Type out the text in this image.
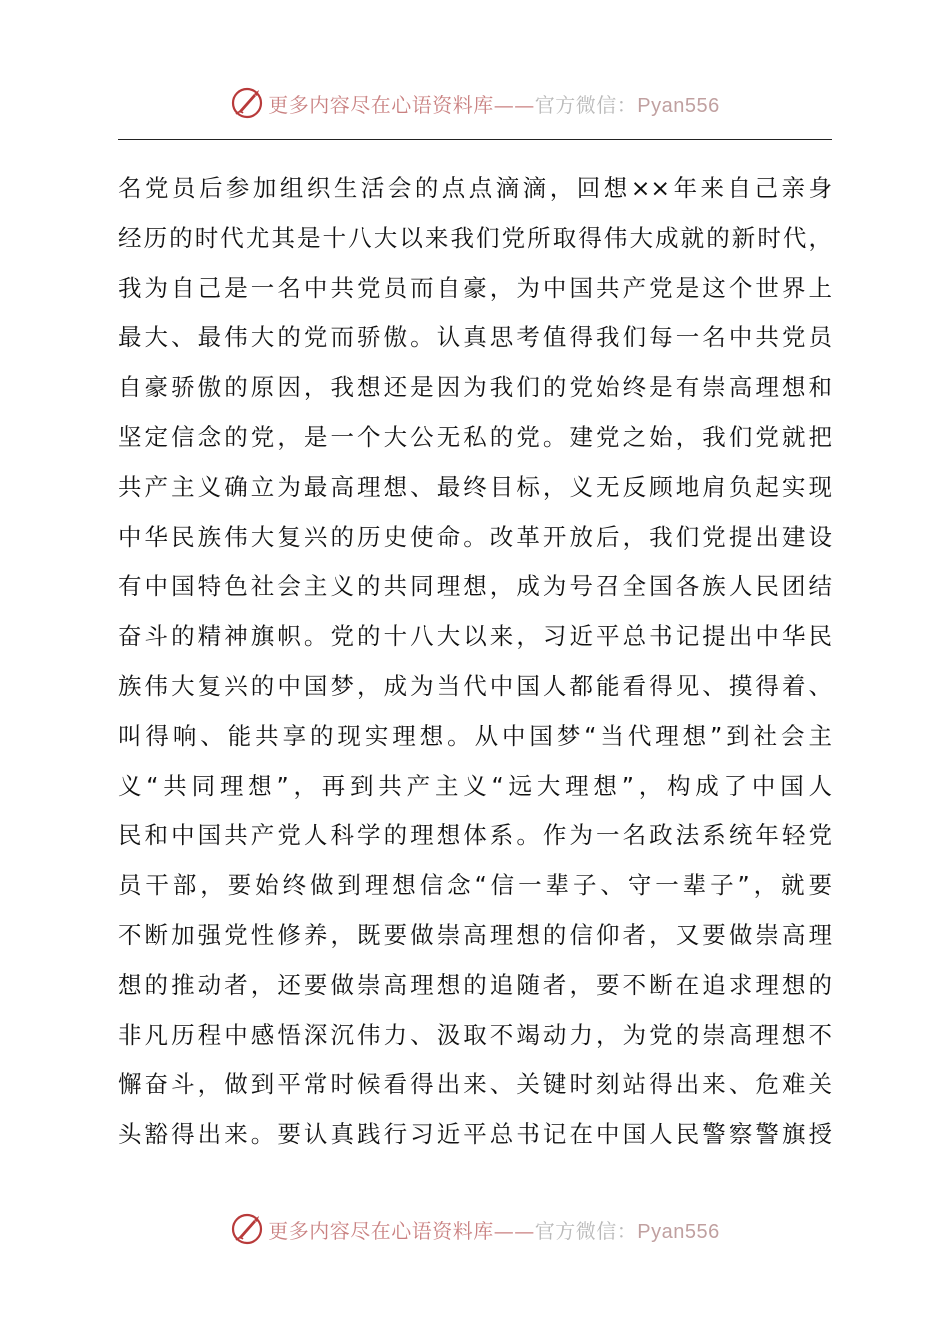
更多内容尽在心语资料库——官方微信：Pyan556
名党员后参加组织生活会的点点滴滴，回想××年来自己亲身
经历的时代尤其是十八大以来我们党所取得伟大成就的新时代，
我为自己是一名中共党员而自豪，为中国共产党是这个世界上
最大、最伟大的党而骄傲。认真思考值得我们每一名中共党员
自豪骄傲的原因，我想还是因为我们的党始终是有崇高理想和
坚定信念的党，是一个大公无私的党。建党之始，我们党就把
共产主义确立为最高理想、最终目标，义无反顾地肩负起实现
中华民族伟大复兴的历史使命。改革开放后，我们党提出建设
有中国特色社会主义的共同理想，成为号召全国各族人民团结
奋斗的精神旗帜。党的十八大以来，习近平总书记提出中华民
族伟大复兴的中国梦，成为当代中国人都能看得见、摸得着、
叫得响、能共享的现实理想。从中国梦“当代理想”到社会主
义“共同理想”，再到共产主义“远大理想”，构成了中国人
民和中国共产党人科学的理想体系。作为一名政法系统年轻党
员干部，要始终做到理想信念“信一辈子、守一辈子”，就要
不断加强党性修养，既要做崇高理想的信仰者，又要做崇高理
想的推动者，还要做崇高理想的追随者，要不断在追求理想的
非凡历程中感悟深沉伟力、汲取不竭动力，为党的崇高理想不
懈奋斗，做到平常时候看得出来、关键时刻站得出来、危难关
头豁得出来。要认真践行习近平总书记在中国人民警察警旗授
更多内容尽在心语资料库——官方微信：Pyan556
